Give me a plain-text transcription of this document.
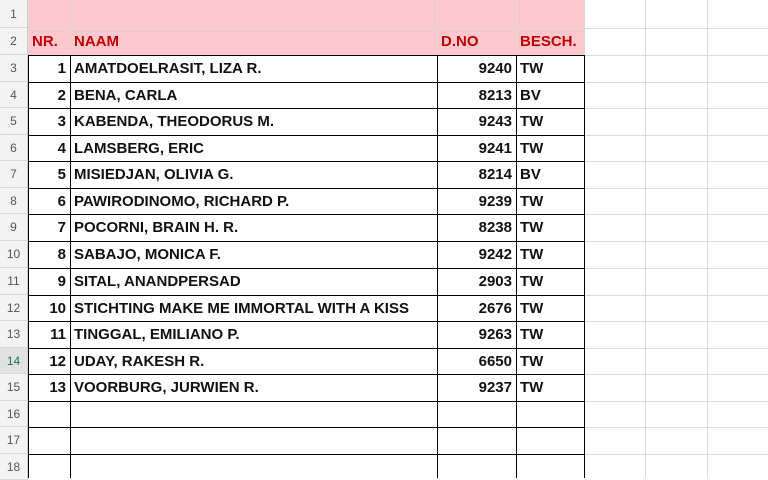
1
2
3
4
5
6
7
8
9
10
11
12
13
14
15
16
17
18
NR.	NAAM	D.NO	BESCH.
1 AMATDOELRASIT, LIZA R.	9240 TW
2 BENA, CARLA	8213 BV
3 KABENDA, THEODORUS M.	9243 TW
4 LAMSBERG, ERIC	9241 TW
5 MISIEDJAN, OLIVIA G.	8214 BV
6 PAWIRODINOMO, RICHARD P.	9239 TW
7 POCORNI, BRAIN H. R.	8238 TW
8 SABAJO, MONICA F.	9242 TW
9 SITAL, ANANDPERSAD	2903 TW
10 STICHTING MAKE ME IMMORTAL WITH A KISS	2676 TW
11 TINGGAL, EMILIANO P.	9263 TW
12 UDAY, RAKESH R.	6650 TW
13 VOORBURG, JURWIEN R.	9237 TW
